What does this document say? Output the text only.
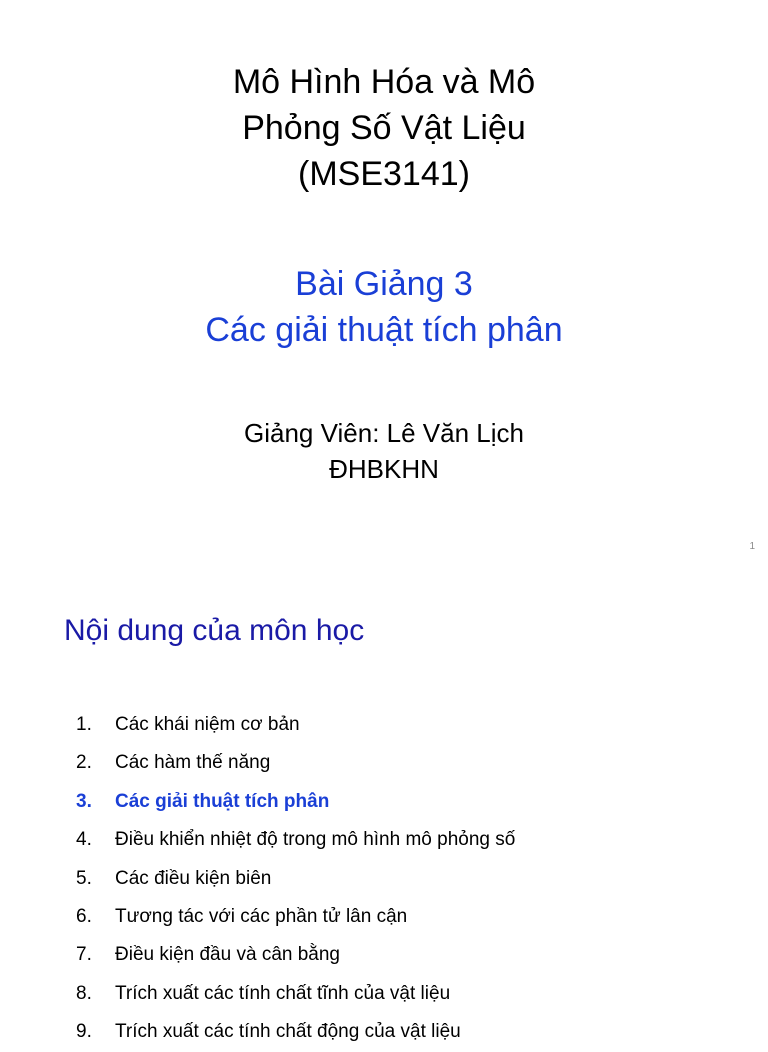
Mô Hình Hóa và Mô
Phỏng Số Vật Liệu
(MSE3141)
Bài Giảng 3
Các giải thuật tích phân
Giảng Viên: Lê Văn Lịch
ĐHBKHN
1
Nội dung của môn học
1.	Các khái niệm cơ bản
2.	Các hàm thế năng
3.	Các giải thuật tích phân
4.	Điều khiển nhiệt độ trong mô hình mô phỏng số
5.	Các điều kiện biên
6.	Tương tác với các phần tử lân cận
7.	Điều kiện đầu và cân bằng
8.	Trích xuất các tính chất tĩnh của vật liệu
9.	Trích xuất các tính chất động của vật liệu
